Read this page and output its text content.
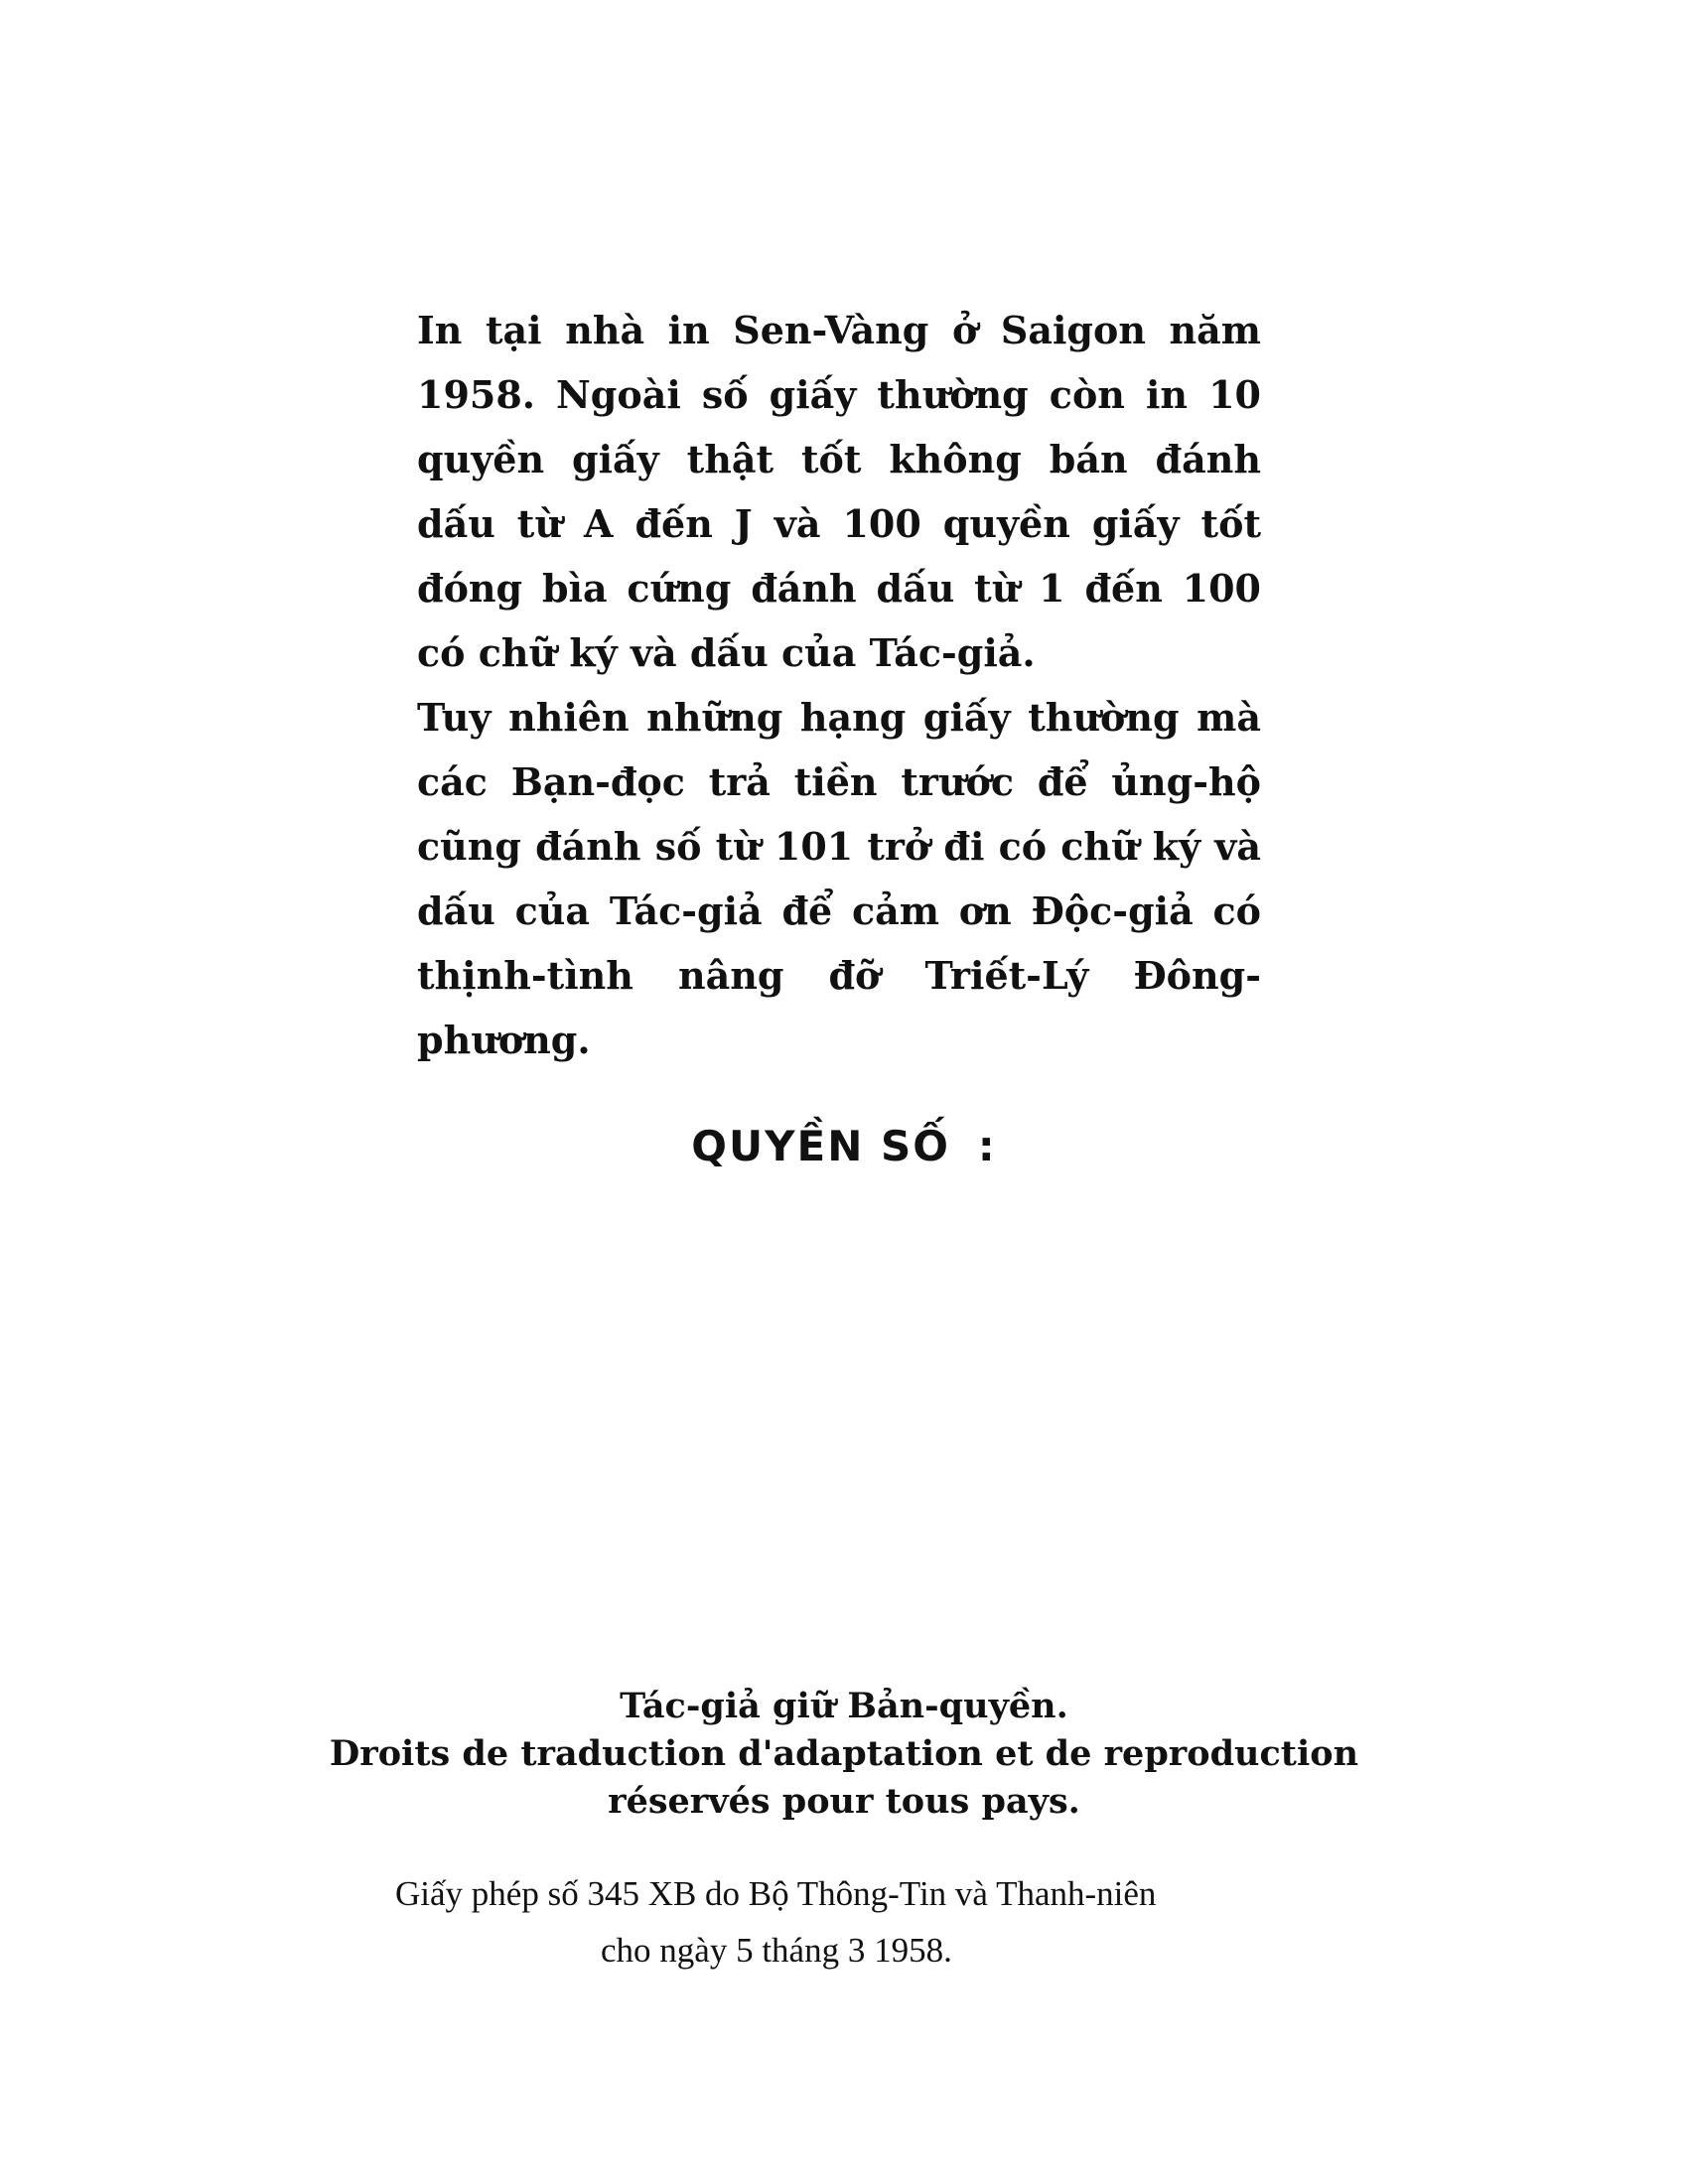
In tại nhà in Sen-Vàng ở Saigon năm
1958. Ngoài số giấy thường còn in 10
quyền giấy thật tốt không bán đánh
dấu từ A đến J và 100 quyền giấy tốt
đóng bìa cứng đánh dấu từ 1 đến 100
có chữ ký và dấu của Tác-giả.
Tuy nhiên những hạng giấy thường mà
các Bạn-đọc trả tiền trước để ủng-hộ
cũng đánh số từ 101 trở đi có chữ ký và
dấu của Tác-giả để cảm ơn Độc-giả có
thịnh-tình nâng đỡ Triết-Lý Đông-
phương.
QUYỀN SỐ :
Tác-giả giữ Bản-quyền.
Droits de traduction d'adaptation et de reproduction
réservés pour tous pays.
Giấy phép số 345 XB do Bộ Thông-Tin và Thanh-niên
cho ngày 5 tháng 3 1958.
